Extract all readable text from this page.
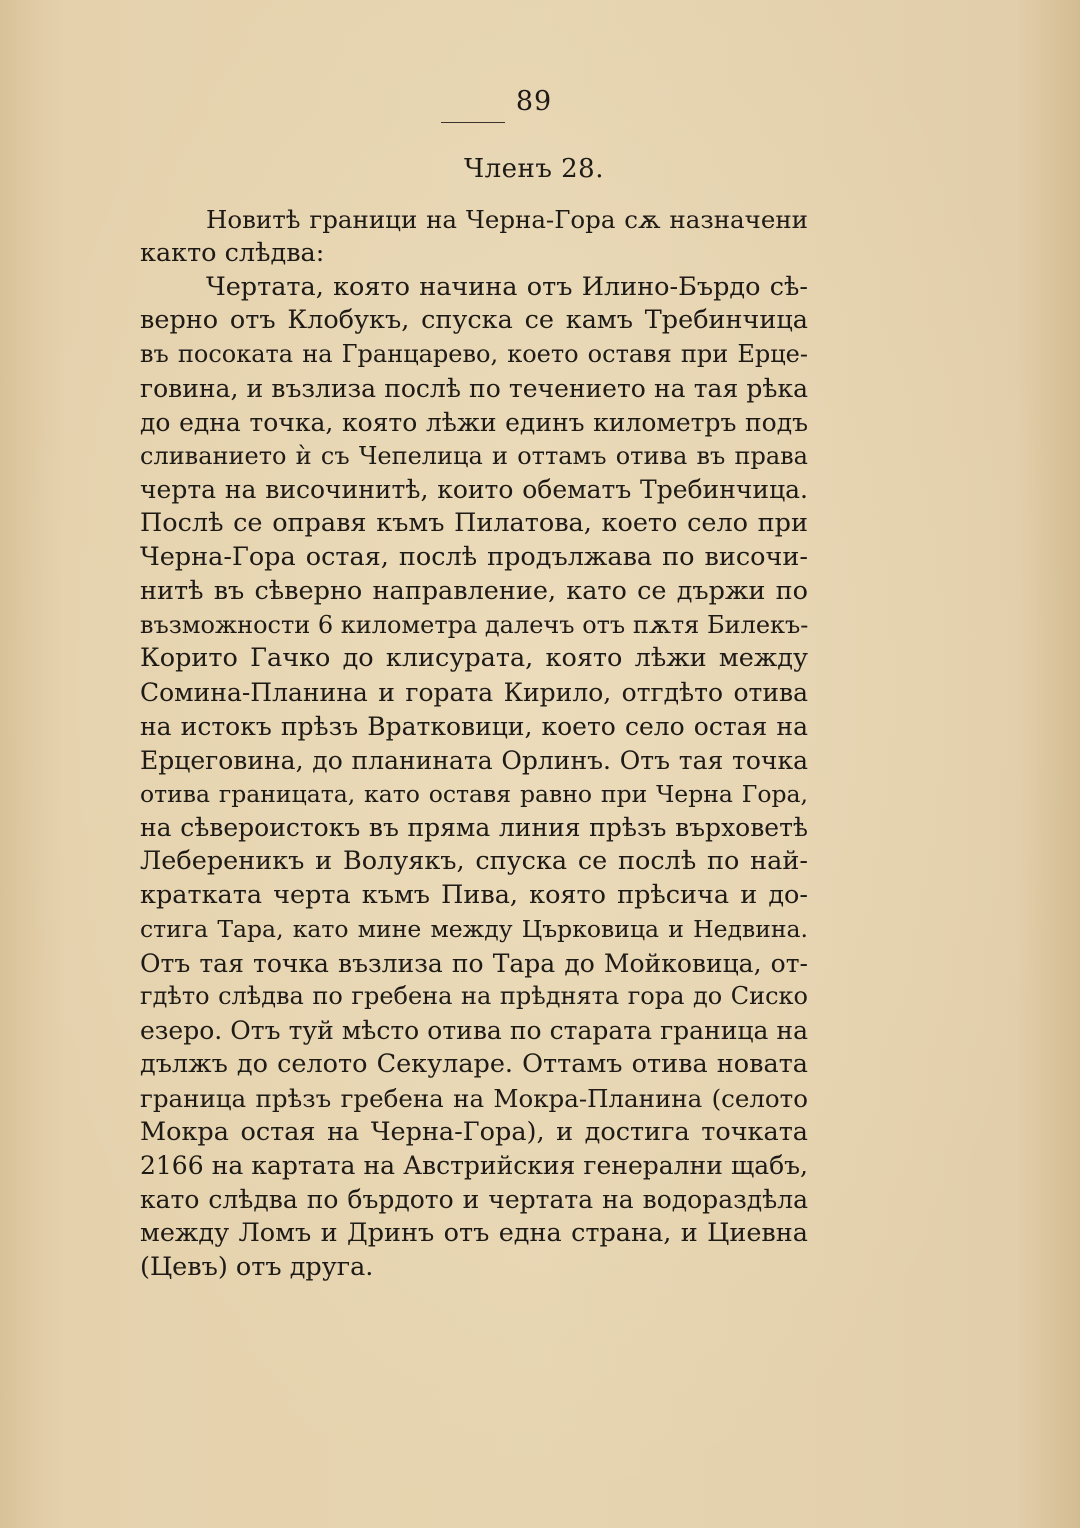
89
Членъ 28.
Новитѣ граници на Черна-Гора сѫ назначени
както слѣдва:
Чертата, която начина отъ Илино-Бърдо сѣ-
верно отъ Клобукъ, спуска се камъ Требинчица
въ посоката на Гранцарево, което оставя при Ерце-
говина, и възлиза послѣ по течението на тая рѣка
до една точка, която лѣжи единъ километръ подъ
сливанието ѝ съ Чепелица и оттамъ отива въ права
черта на височинитѣ, които обематъ Требинчица.
Послѣ се оправя къмъ Пилатова, което село при
Черна-Гора остая, послѣ продължава по височи-
нитѣ въ сѣверно направление, като се държи по
възможности 6 километра далечъ отъ пѫтя Билекъ-
Корито Гачко до клисурата, която лѣжи между
Сомина-Планина и гората Кирило, отгдѣто отива
на истокъ прѣзъ Вратковици, което село остая на
Ерцеговина, до планината Орлинъ. Отъ тая точка
отива границата, като оставя равно при Черна Гора,
на сѣвероистокъ въ пряма линия прѣзъ върховетѣ
Лебереникъ и Волуякъ, спуска се послѣ по най-
кратката черта къмъ Пива, която прѣсича и до-
стига Тара, като мине между Църковица и Недвина.
Отъ тая точка възлиза по Тара до Мойковица, от-
гдѣто слѣдва по гребена на прѣднята гора до Сиско
езеро. Отъ туй мѣсто отива по старата граница на
дължъ до селото Секуларе. Оттамъ отива новата
граница прѣзъ гребена на Мокра-Планина (селото
Мокра остая на Черна-Гора), и достига точката
2166 на картата на Австрийския генерални щабъ,
като слѣдва по бърдото и чертата на водораздѣла
между Ломъ и Дринъ отъ една страна, и Циевна
(Цевъ) отъ друга.
